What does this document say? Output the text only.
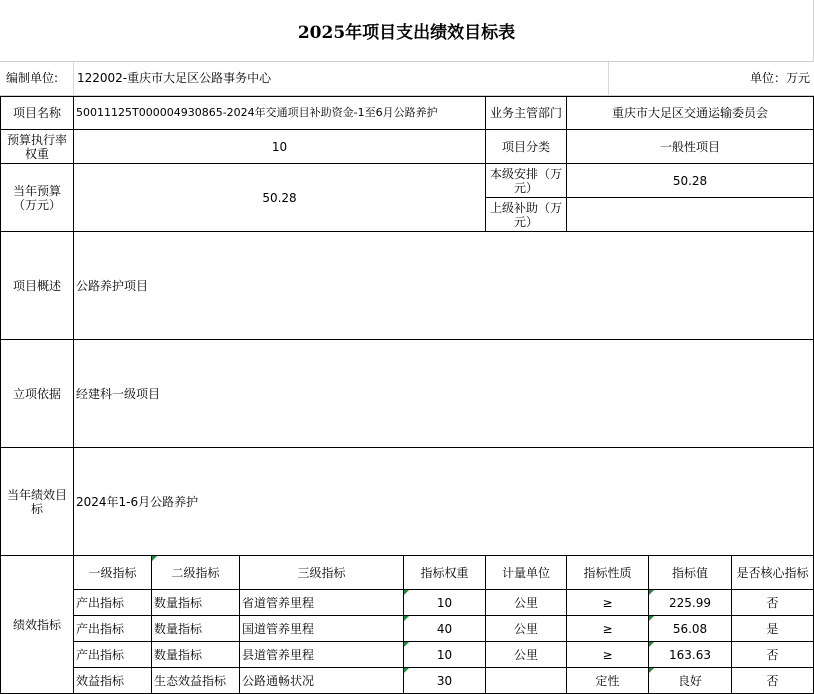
2025年项目支出绩效目标表
编制单位: 122002-重庆市大足区公路事务中心	单位：万元
项目名称	50011125T000004930865-2024年交通项目补助资金-1至6月公路养护				业务主管部门	重庆市大足区交通运输委员会		
预算执行率权重	10				项目分类	一般性项目		
当年预算（万元）	50.28				本级安排（万元）	50.28		
					上级补助（万元）			
项目概述	公路养护项目							
立项依据	经建科一级项目							
当年绩效目标	2024年1-6月公路养护							
绩效指标	一级指标	二级指标	三级指标	指标权重	计量单位	指标性质	指标值	是否核心指标
	产出指标	数量指标	省道管养里程	10	公里	≥	225.99	否
	产出指标	数量指标	国道管养里程	40	公里	≥	56.08	是
	产出指标	数量指标	县道管养里程	10	公里	≥	163.63	否
	效益指标	生态效益指标	公路通畅状况	30		定性	良好	否
